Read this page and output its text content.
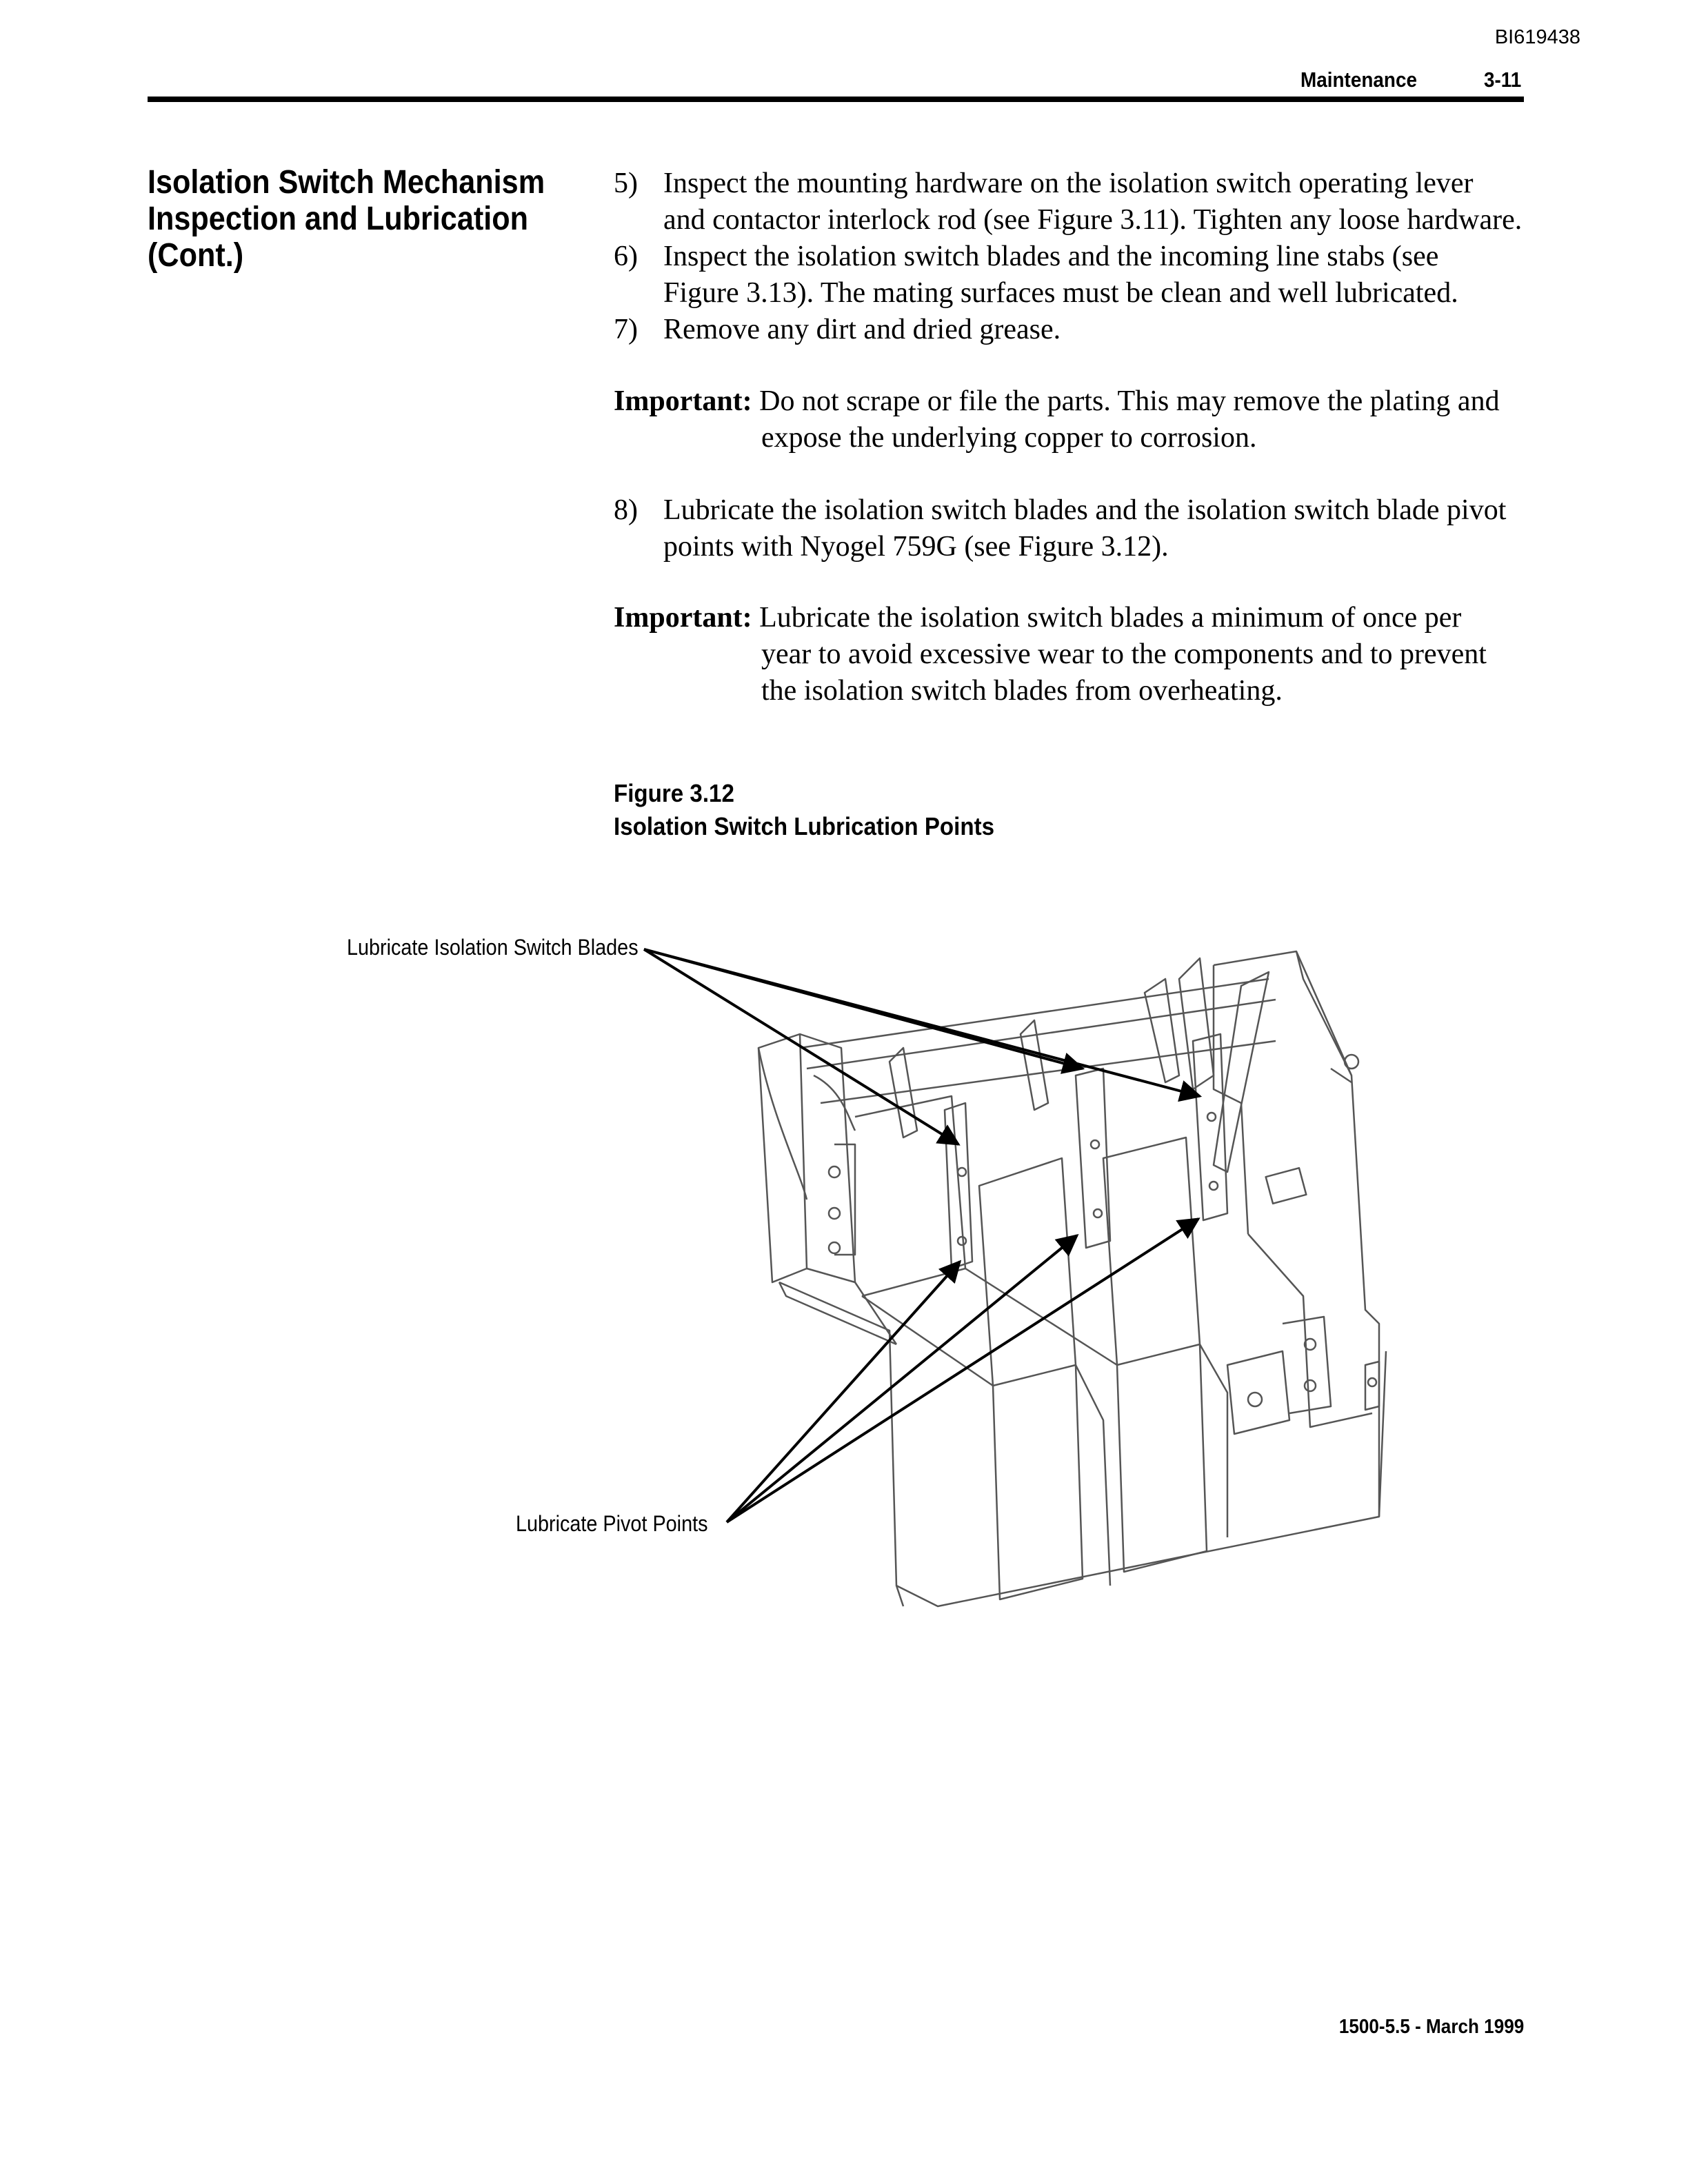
BI619438
Maintenance	3-11
Isolation Switch Mechanism
Inspection and Lubrication
(Cont.)
5) Inspect the mounting hardware on the isolation switch operating lever
and contactor interlock rod (see Figure 3.11). Tighten any loose hardware.
6) Inspect the isolation switch blades and the incoming line stabs (see
Figure 3.13). The mating surfaces must be clean and well lubricated.
7) Remove any dirt and dried grease.
Important: Do not scrape or file the parts. This may remove the plating and
expose the underlying copper to corrosion.
8) Lubricate the isolation switch blades and the isolation switch blade pivot
points with Nyogel 759G (see Figure 3.12).
Important: Lubricate the isolation switch blades a minimum of once per
year to avoid excessive wear to the components and to prevent
the isolation switch blades from overheating.
Figure 3.12
Isolation Switch Lubrication Points
Lubricate Isolation Switch Blades
Lubricate Pivot Points
1500-5.5 - March 1999
